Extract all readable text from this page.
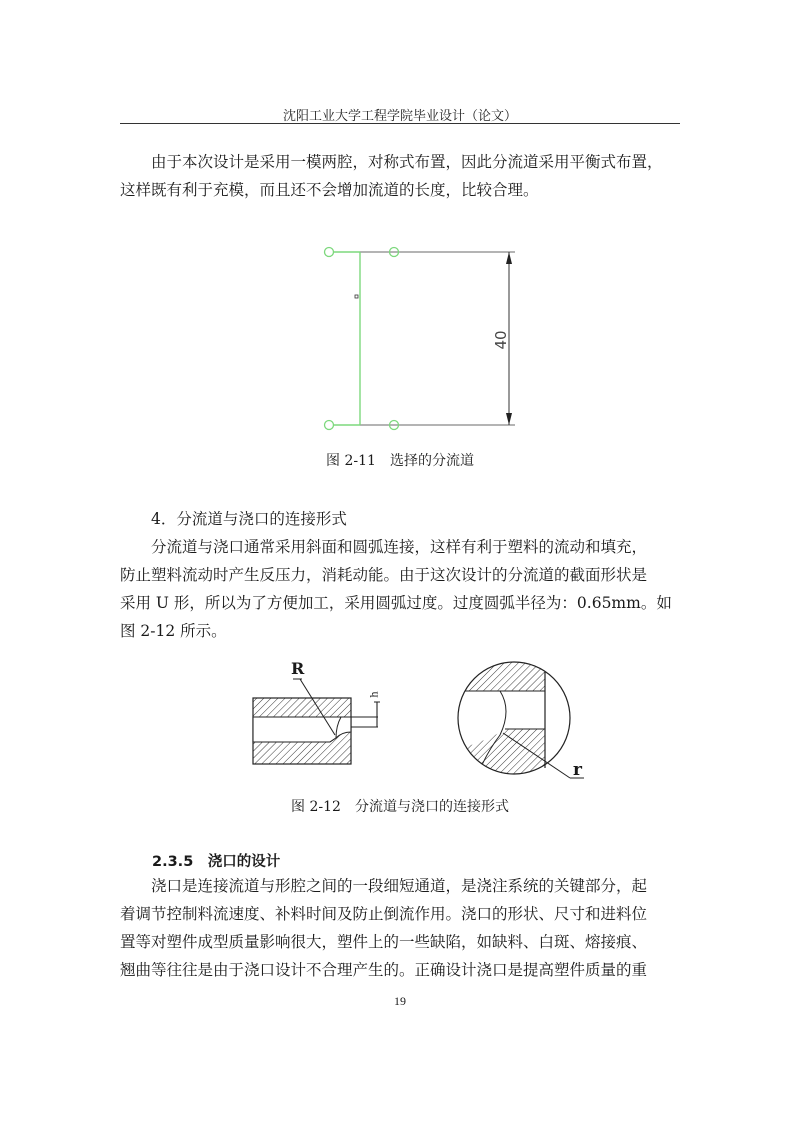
沈阳工业大学工程学院毕业设计（论文）
由于本次设计是采用一模两腔，对称式布置，因此分流道采用平衡式布置，
这样既有利于充模，而且还不会增加流道的长度，比较合理。
40
图 2-11　选择的分流道
4．分流道与浇口的连接形式
分流道与浇口通常采用斜面和圆弧连接，这样有利于塑料的流动和填充，
防止塑料流动时产生反压力，消耗动能。由于这次设计的分流道的截面形状是
采用 U 形，所以为了方便加工，采用圆弧过度。过度圆弧半径为：0.65mm。如
图 2-12 所示。
R
h
r
图 2-12　分流道与浇口的连接形式
2.3.5　浇口的设计
浇口是连接流道与形腔之间的一段细短通道，是浇注系统的关键部分，起
着调节控制料流速度、补料时间及防止倒流作用。浇口的形状、尺寸和进料位
置等对塑件成型质量影响很大，塑件上的一些缺陷，如缺料、白斑、熔接痕、
翘曲等往往是由于浇口设计不合理产生的。正确设计浇口是提高塑件质量的重
19
